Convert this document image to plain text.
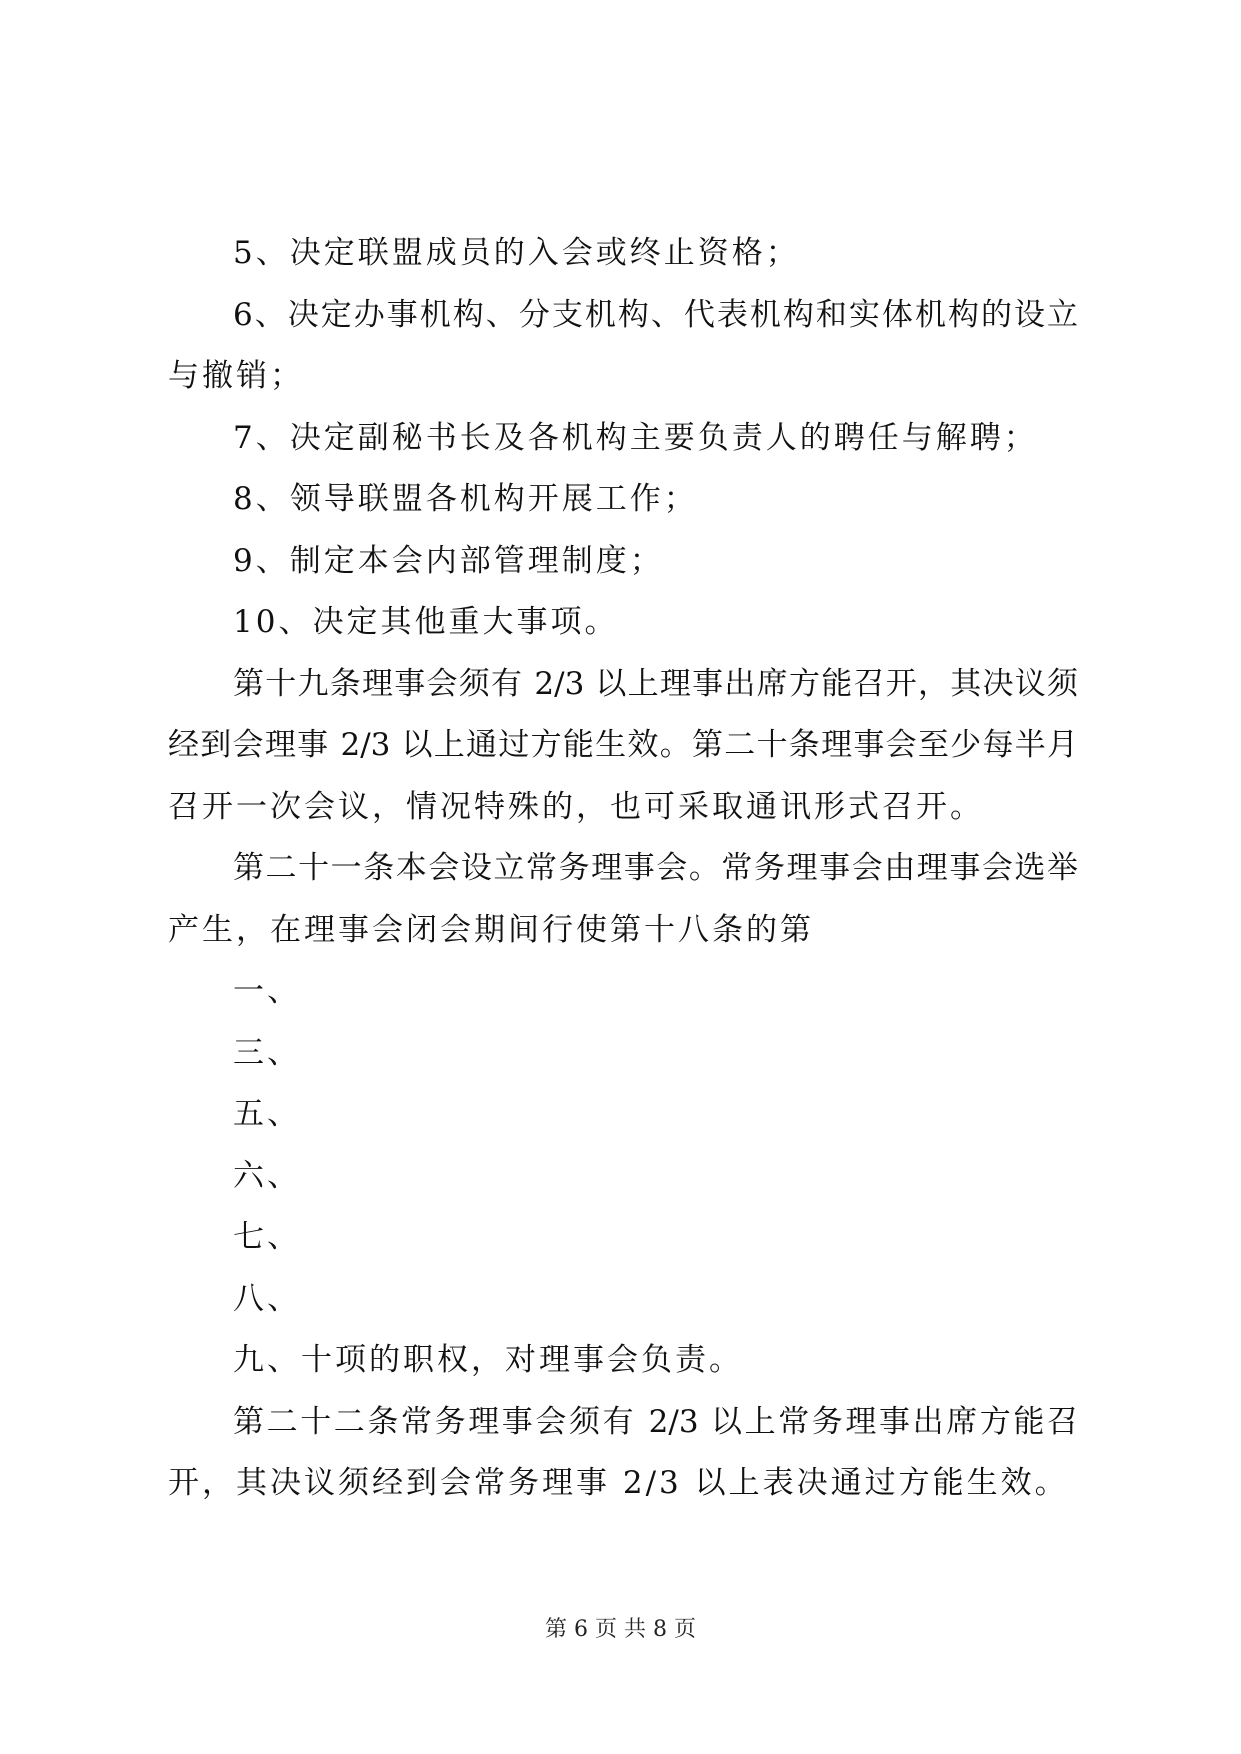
5、决定联盟成员的入会或终止资格；
6、决定办事机构、分支机构、代表机构和实体机构的设立
与撤销；
7、决定副秘书长及各机构主要负责人的聘任与解聘；
8、领导联盟各机构开展工作；
9、制定本会内部管理制度；
10、决定其他重大事项。
第十九条理事会须有 2/3 以上理事出席方能召开，其决议须
经到会理事 2/3 以上通过方能生效。第二十条理事会至少每半月
召开一次会议，情况特殊的，也可采取通讯形式召开。
第二十一条本会设立常务理事会。常务理事会由理事会选举
产生，在理事会闭会期间行使第十八条的第
一、
三、
五、
六、
七、
八、
九、十项的职权，对理事会负责。
第二十二条常务理事会须有 2/3 以上常务理事出席方能召
开，其决议须经到会常务理事 2/3 以上表决通过方能生效。
第 6 页 共 8 页
